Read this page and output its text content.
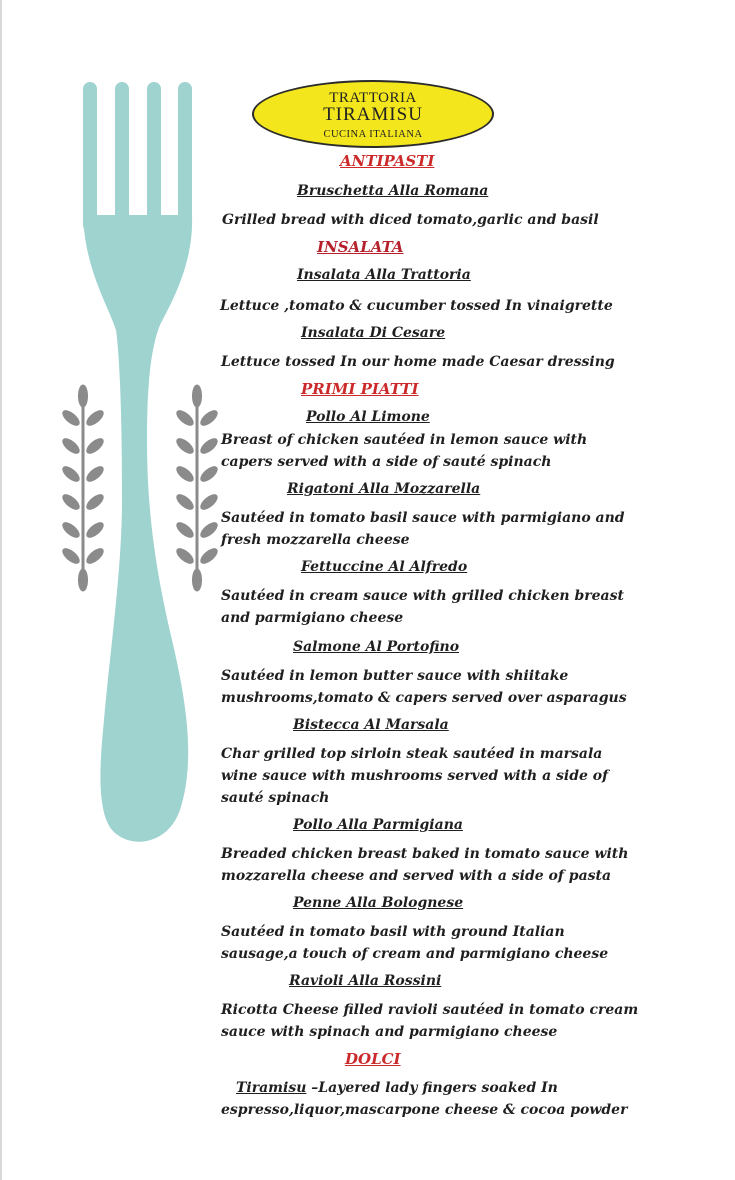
TRATTORIA
TIRAMISU
CUCINA ITALIANA

ANTIPASTI

Bruschetta Alla Romana

Grilled bread with diced tomato,garlic and basil

INSALATA

Insalata Alla Trattoria

Lettuce ,tomato & cucumber tossed In vinaigrette

Insalata Di Cesare

Lettuce tossed In our home made Caesar dressing

PRIMI PIATTI

Pollo Al Limone

Breast of chicken sautéed in lemon sauce with

capers served with a side of sauté spinach

Rigatoni Alla Mozzarella

Sautéed in tomato basil sauce with parmigiano and

fresh mozzarella cheese

Fettuccine Al Alfredo

Sautéed in cream sauce with grilled chicken breast

and parmigiano cheese

Salmone Al Portofino

Sautéed in lemon butter sauce with shiitake

mushrooms,tomato & capers served over asparagus

Bistecca Al Marsala

Char grilled top sirloin steak sautéed in marsala

wine sauce with mushrooms served with a side of

sauté spinach

Pollo Alla Parmigiana

Breaded chicken breast baked in tomato sauce with

mozzarella cheese and served with a side of pasta

Penne Alla Bolognese

Sautéed in tomato basil with ground Italian

sausage,a touch of cream and parmigiano cheese

Ravioli Alla Rossini

Ricotta Cheese filled ravioli sautéed in tomato cream

sauce with spinach and parmigiano cheese

DOLCI

Tiramisu –Layered lady fingers soaked In

espresso,liquor,mascarpone cheese & cocoa powder
